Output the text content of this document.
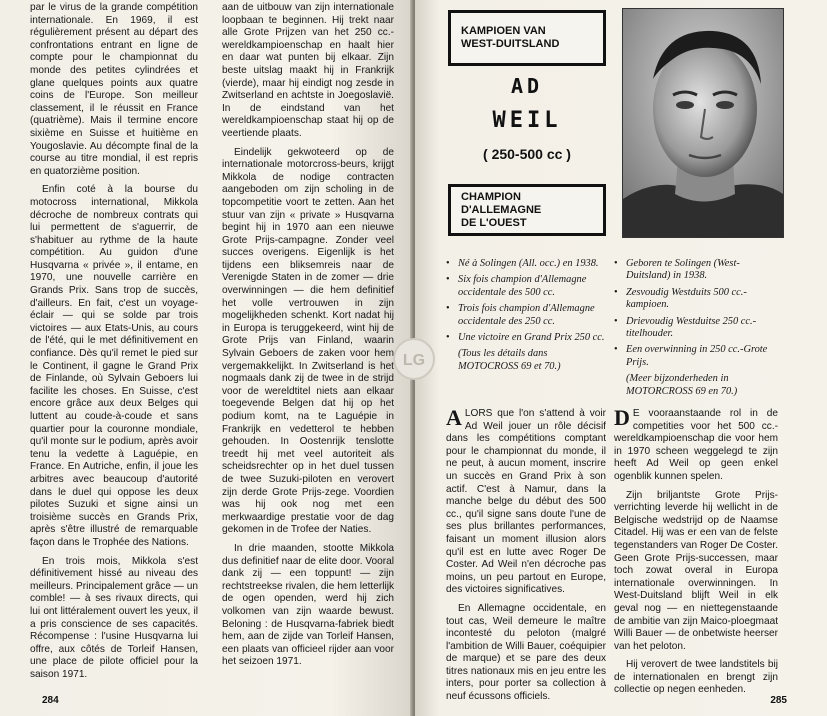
par le virus de la grande compétition internationale. En 1969, il est régulièrement présent au départ des confrontations entrant en ligne de compte pour le championnat du monde des petites cylindrées et glane quelques points aux quatre coins de l'Europe. Son meilleur classement, il le réussit en France (quatrième). Mais il termine encore sixième en Suisse et huitième en Yougoslavie. Au décompte final de la course au titre mondial, il est repris en quatorzième position.

Enfin coté à la bourse du motocross international, Mikkola décroche de nombreux contrats qui lui permettent de s'aguerrir, de s'habituer au rythme de la haute compétition. Au guidon d'une Husqvarna « privée », il entame, en 1970, une nouvelle carrière en Grands Prix. Sans trop de succès, d'ailleurs. En fait, c'est un voyage-éclair — qui se solde par trois victoires — aux Etats-Unis, au cours de l'été, qui le met définitivement en confiance. Dès qu'il remet le pied sur le Continent, il gagne le Grand Prix de Finlande, où Sylvain Geboers lui facilite les choses. En Suisse, c'est encore grâce aux deux Belges qui luttent au coude-à-coude et sans quartier pour la couronne mondiale, qu'il monte sur le podium, après avoir tenu la vedette à Laguépie, en France. En Autriche, enfin, il joue les arbitres avec beaucoup d'autorité dans le duel qui oppose les deux pilotes Suzuki et signe ainsi un troisième succès en Grands Prix, après s'être illustré de remarquable façon dans le Trophée des Nations.

En trois mois, Mikkola s'est définitivement hissé au niveau des meilleurs. Principalement grâce — un comble! — à ses rivaux directs, qui lui ont littéralement ouvert les yeux, il a pris conscience de ses capacités. Récompense : l'usine Husqvarna lui offre, aux côtés de Torleif Hansen, une place de pilote officiel pour la saison 1971.

aan de uitbouw van zijn internationale loopbaan te beginnen. Hij trekt naar alle Grote Prijzen van het 250 cc.-wereldkampioenschap en haalt hier en daar wat punten bij elkaar. Zijn beste uitslag maakt hij in Frankrijk (vierde), maar hij eindigt nog zesde in Zwitserland en achtste in Joegoslavië. In de eindstand van het wereldkampioenschap staat hij op de veertiende plaats.

Eindelijk gekwoteerd op de internationale motorcross-beurs, krijgt Mikkola de nodige contracten aangeboden om zijn scholing in de topcompetitie voort te zetten. Aan het stuur van zijn « private » Husqvarna begint hij in 1970 aan een nieuwe Grote Prijs-campagne. Zonder veel succes overigens. Eigenlijk is het tijdens een bliksemreis naar de Verenigde Staten in de zomer — drie overwinningen — die hem definitief het volle vertrouwen in zijn mogelijkheden schenkt. Kort nadat hij in Europa is teruggekeerd, wint hij de Grote Prijs van Finland, waarin Sylvain Geboers de zaken voor hem vergemakkelijkt. In Zwitserland is het nogmaals dank zij de twee in de strijd voor de wereldtitel niets aan elkaar toegevende Belgen dat hij op het podium komt, na te Laguépie in Frankrijk en vedetterol te hebben gehouden. In Oostenrijk tenslotte treedt hij met veel autoriteit als scheidsrechter op in het duel tussen de twee Suzuki-piloten en verovert zijn derde Grote Prijs-zege. Voordien was hij ook nog met een merkwaardige prestatie voor de dag gekomen in de Trofee der Naties.

In drie maanden, stootte Mikkola dus definitief naar de elite door. Vooral dank zij — een toppunt! — zijn rechtstreekse rivalen, die hem letterlijk de ogen openden, werd hij zich volkomen van zijn waarde bewust. Beloning : de Husqvarna-fabriek biedt hem, aan de zijde van Torleif Hansen, een plaats van officieel rijder aan voor het seizoen 1971.

284	285
KAMPIOEN VAN
WEST-DUITSLAND
AD
WEIL
( 250-500 cc )
CHAMPION
D'ALLEMAGNE
DE L'OUEST
• Né à Solingen (All. occ.) en 1938.
• Six fois champion d'Allemagne occidentale des 500 cc.
• Trois fois champion d'Allemagne occidentale des 250 cc.
• Une victoire en Grand Prix 250 cc.
(Tous les détails dans MOTOCROSS 69 et 70.)
• Geboren te Solingen (West-Duitsland) in 1938.
• Zesvoudig Westduits 500 cc.-kampioen.
• Drievoudig Westduitse 250 cc.-titelhouder.
• Een overwinning in 250 cc.-Grote Prijs.
(Meer bijzonderheden in MOTORCROSS 69 en 70.)

ALORS que l'on s'attend à voir Ad Weil jouer un rôle décisif dans les compétitions comptant pour le championnat du monde, il ne peut, à aucun moment, inscrire un succès en Grand Prix à son actif. C'est à Namur, dans la manche belge du début des 500 cc., qu'il signe sans doute l'une de ses plus brillantes performances, faisant un moment illusion alors qu'il est en lutte avec Roger De Coster. Ad Weil n'en décroche pas moins, un peu partout en Europe, des victoires significatives.

En Allemagne occidentale, en tout cas, Weil demeure le maître incontesté du peloton (malgré l'ambition de Willi Bauer, coéquipier de marque) et se pare des deux titres nationaux mis en jeu entre les inters, pour porter sa collection à neuf écussons officiels.

D E vooraanstaande rol in de competities voor het 500 cc.-wereldkampioenschap die voor hem in 1970 scheen weggelegd te zijn heeft Ad Weil op geen enkel ogenblik kunnen spelen.

Zijn briljantste Grote Prijs-verrichting leverde hij wellicht in de Belgische wedstrijd op de Naamse Citadel. Hij was er een van de felste tegenstanders van Roger De Coster. Geen Grote Prijs-successen, maar toch zowat overal in Europa internationale overwinningen. In West-Duitsland blijft Weil in elk geval nog — en niettegenstaande de ambitie van zijn Maico-ploegmaat Willi Bauer — de onbetwiste heerser van het peloton.

Hij verovert de twee landstitels bij de internationalen en brengt zijn collectie op negen eenheden.

LG
